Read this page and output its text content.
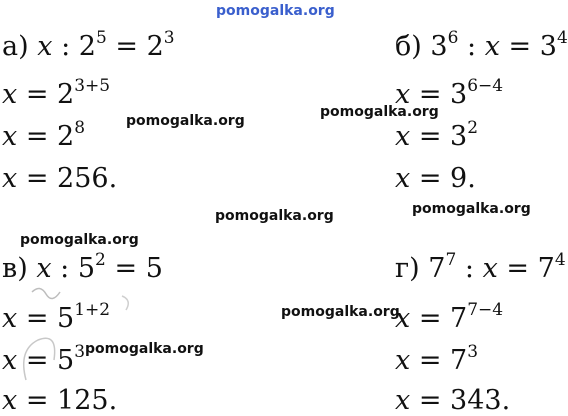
pomogalka.org
а) x : $2^5 = 2^3$
$x = 2^{3+5}$
$x = 2^8$
x = 256.
б) $3^6$ : $x = 3^4$
$x = 3^{6-4}$
$x = 3^2$
x = 9.
в) x : $5^2 = 5$
$x = 5^{1+2}$
$x = 5^3$
x = 125.
г) $7^7$ : $x = 7^4$
$x = 7^{7-4}$
$x = 7^3$
x = 343.
pomogalka.org
pomogalka.org
pomogalka.org	pomogalka.org
pomogalka.org
pomogalka.org
pomogalka.org
